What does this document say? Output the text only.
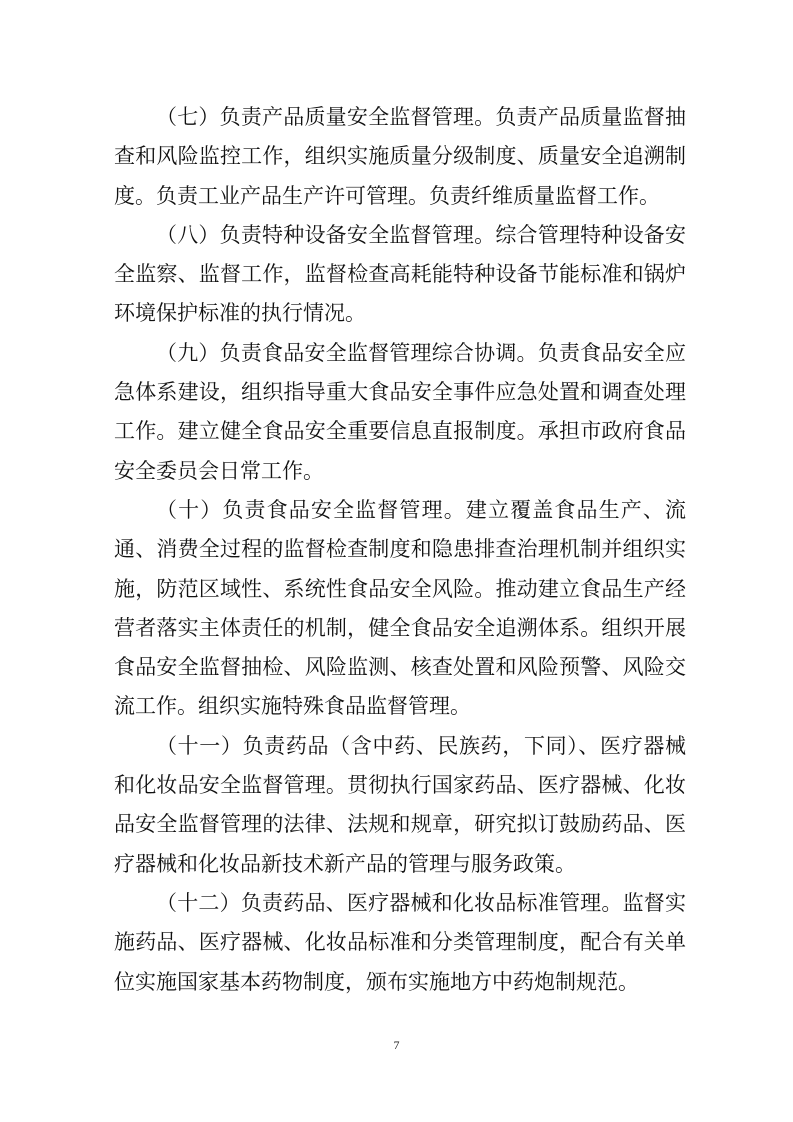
（七）负责产品质量安全监督管理。负责产品质量监督抽查和风险监控工作，组织实施质量分级制度、质量安全追溯制度。负责工业产品生产许可管理。负责纤维质量监督工作。

（八）负责特种设备安全监督管理。综合管理特种设备安全监察、监督工作，监督检查高耗能特种设备节能标准和锅炉环境保护标准的执行情况。

（九）负责食品安全监督管理综合协调。负责食品安全应急体系建设，组织指导重大食品安全事件应急处置和调查处理工作。建立健全食品安全重要信息直报制度。承担市政府食品安全委员会日常工作。

（十）负责食品安全监督管理。建立覆盖食品生产、流通、消费全过程的监督检查制度和隐患排查治理机制并组织实施，防范区域性、系统性食品安全风险。推动建立食品生产经营者落实主体责任的机制，健全食品安全追溯体系。组织开展食品安全监督抽检、风险监测、核查处置和风险预警、风险交流工作。组织实施特殊食品监督管理。

（十一）负责药品（含中药、民族药，下同）、医疗器械和化妆品安全监督管理。贯彻执行国家药品、医疗器械、化妆品安全监督管理的法律、法规和规章，研究拟订鼓励药品、医疗器械和化妆品新技术新产品的管理与服务政策。

（十二）负责药品、医疗器械和化妆品标准管理。监督实施药品、医疗器械、化妆品标准和分类管理制度，配合有关单位实施国家基本药物制度，颁布实施地方中药炮制规范。

7
